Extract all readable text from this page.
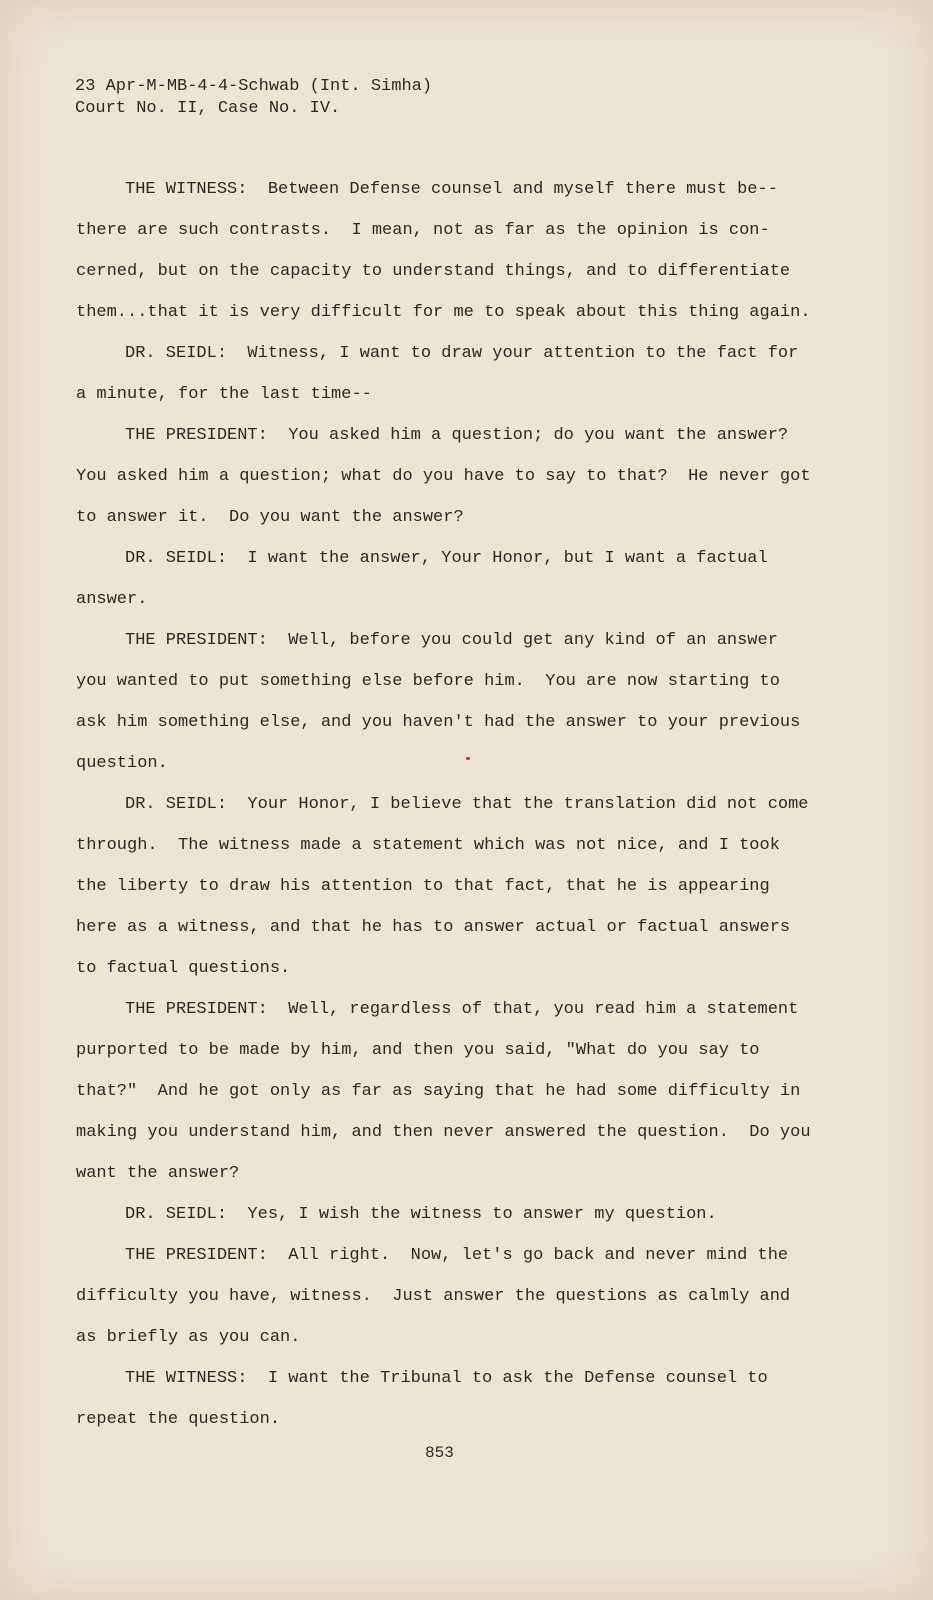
23 Apr-M-MB-4-4-Schwab (Int. Simha)
Court No. II, Case No. IV.
THE WITNESS:  Between Defense counsel and myself there must be--
there are such contrasts.  I mean, not as far as the opinion is con-
cerned, but on the capacity to understand things, and to differentiate
them...that it is very difficult for me to speak about this thing again.
DR. SEIDL:  Witness, I want to draw your attention to the fact for
a minute, for the last time--
THE PRESIDENT:  You asked him a question; do you want the answer?
You asked him a question; what do you have to say to that?  He never got
to answer it.  Do you want the answer?
DR. SEIDL:  I want the answer, Your Honor, but I want a factual
answer.
THE PRESIDENT:  Well, before you could get any kind of an answer
you wanted to put something else before him.  You are now starting to
ask him something else, and you haven't had the answer to your previous
question.
DR. SEIDL:  Your Honor, I believe that the translation did not come
through.  The witness made a statement which was not nice, and I took
the liberty to draw his attention to that fact, that he is appearing
here as a witness, and that he has to answer actual or factual answers
to factual questions.
THE PRESIDENT:  Well, regardless of that, you read him a statement
purported to be made by him, and then you said, "What do you say to
that?"  And he got only as far as saying that he had some difficulty in
making you understand him, and then never answered the question.  Do you
want the answer?
DR. SEIDL:  Yes, I wish the witness to answer my question.
THE PRESIDENT:  All right.  Now, let's go back and never mind the
difficulty you have, witness.  Just answer the questions as calmly and
as briefly as you can.
THE WITNESS:  I want the Tribunal to ask the Defense counsel to
repeat the question.
853
